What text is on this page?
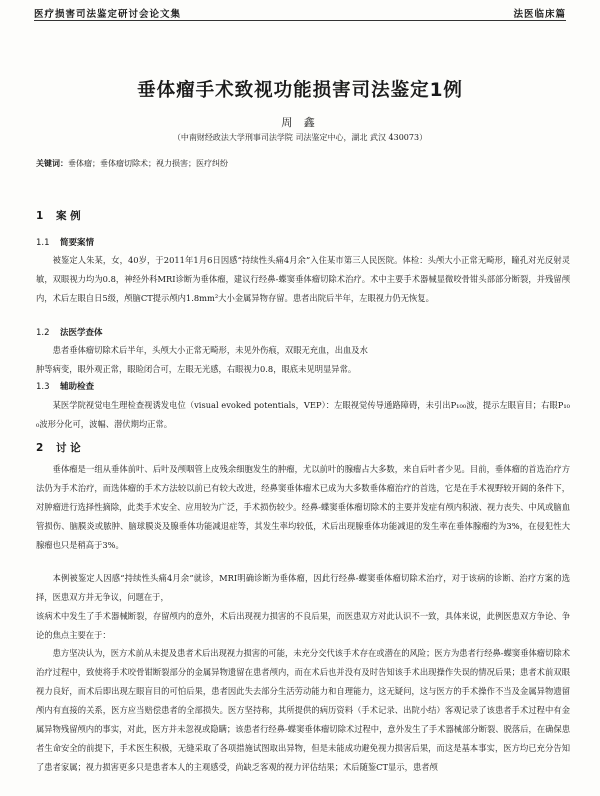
医疗损害司法鉴定研讨会论文集	法医临床篇
垂体瘤手术致视功能损害司法鉴定1例
周 鑫
（中南财经政法大学刑事司法学院 司法鉴定中心，湖北 武汉 430073）
关键词：垂体瘤；垂体瘤切除术；视力损害；医疗纠纷
1 案 例
1.1 简要案情

被鉴定人朱某，女，40岁，于2011年1月6日因感“持续性头痛4月余”入住某市第三人民医院。体检：头颅大小正常无畸形，瞳孔对光反射灵敏，双眼视力均为0.8，神经外科MRI诊断为垂体瘤，建议行经鼻-蝶窦垂体瘤切除术治疗。术中主要手术器械显微咬骨钳头部部分断裂，并残留颅内，术后左眼自日5级，颅脑CT提示颅内1.8mm²大小金属异物存留。患者出院后半年，左眼视力仍无恢复。

1.2 法医学查体

患者垂体瘤切除术后半年，头颅大小正常无畸形，未见外伤痕，双眼无充血，出血及水

肿等病变，眼外观正常，眼睑闭合可，左眼无光感，右眼视力0.8，眼底未见明显异常。

1.3 辅助检查

某医学院视觉电生理检查视诱发电位（visual evoked potentials，VEP）：左眼视觉传导通路障碍，未引出P₁₀₀波，提示左眼盲目；右眼P₁₀₀波形分化可，波幅、潜伏期均正常。

2 讨 论

垂体瘤是一组从垂体前叶、后叶及颅咽管上皮残余细胞发生的肿瘤，尤以前叶的腺瘤占大多数，来自后叶者少见。目前，垂体瘤的首选治疗方法仍为手术治疗，而选体瘤的手术方法较以前已有较大改进，经鼻窦垂体瘤术已成为大多数垂体瘤治疗的首选，它是在手术视野较开阔的条件下，对肿瘤进行选择性摘除，此类手术安全、应用较为广泛，手术损伤较少。经鼻-蝶窦垂体瘤切除术的主要并发症有颅内积液、视力丧失、中风或脑血管损伤、脑膜炎或脓肿、脑球膜炎及腺垂体功能减退症等，其发生率均较低，术后出现腺垂体功能减退的发生率在垂体腺瘤约为3%，在侵犯性大腺瘤也只是稍高于3%。

本例被鉴定人因感“持续性头痛4月余”就诊，MRI明确诊断为垂体瘤，因此行经鼻-蝶窦垂体瘤切除术治疗，对于该病的诊断、治疗方案的选择，医患双方并无争议，问题在于，

该病术中发生了手术器械断裂，存留颅内的意外，术后出现视力损害的不良后果，而医患双方对此认识不一致，具体来说，此例医患双方争论、争论的焦点主要在于：

患方坚决认为，医方术前从未提及患者术后出现视力损害的可能，未充分交代该手术存在或潜在的风险；医方为患者行经鼻-蝶窦垂体瘤切除术治疗过程中，致使将手术咬骨钳断裂部分的金属异物遗留在患者颅内，而在术后也并没有及时告知该手术出现操作失误的情况后果；患者术前双眼视力良好，而术后即出现左眼盲目的可怕后果，患者因此失去部分生活劳动能力和自理能力，这无疑问，这与医方的手术操作不当及金属异物遗留颅内有直接的关系，医方应当赔偿患者的全部损失。医方坚持称，其所提供的病历资料（手术记录、出院小结）客观记录了该患者手术过程中有金属异物残留颅内的事实，对此，医方并未忽视或隐瞒；该患者行经鼻-蝶窦垂体瘤切除术过程中，意外发生了手术器械部分断裂、脱落后，在确保患者生命安全的前提下，手术医生积极，无缝采取了各项措施试图取出异物，但是未能成功避免视力损害后果，而这是基本事实，医方均已充分告知了患者家属；视力损害更多只是患者本人的主观感受，尚缺乏客观的视力评估结果；术后随鉴CT显示，患者颅
